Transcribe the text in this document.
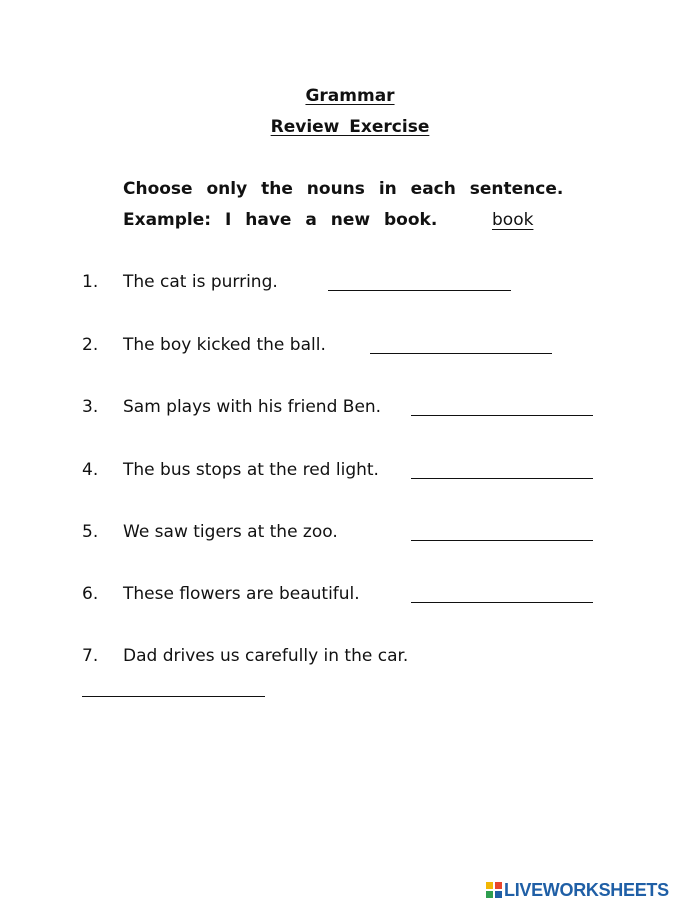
Grammar
Review Exercise
Choose only the nouns in each sentence.
Example: I have a new book.	book
1. The cat is purring.
2. The boy kicked the ball.
3. Sam plays with his friend Ben.
4. The bus stops at the red light.
5. We saw tigers at the zoo.
6. These flowers are beautiful.
7. Dad drives us carefully in the car.
LIVEWORKSHEETS
